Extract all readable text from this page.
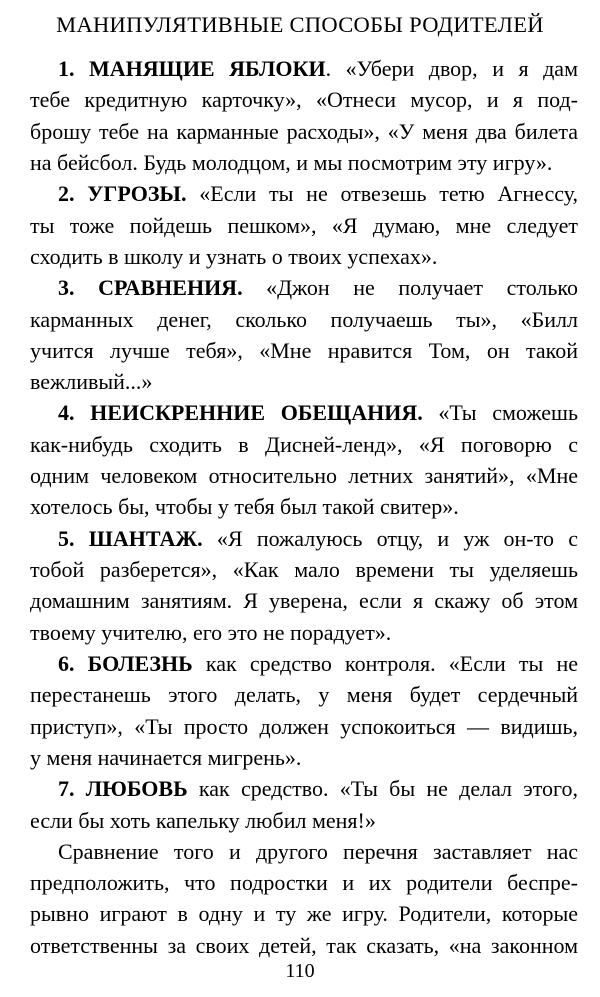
МАНИПУЛЯТИВНЫЕ СПОСОБЫ РОДИТЕЛЕЙ
1. МАНЯЩИЕ ЯБЛОКИ. «Убери двор, и я дам
тебе кредитную карточку», «Отнеси мусор, и я под-
брошу тебе на карманные расходы», «У меня два билета
на бейсбол. Будь молодцом, и мы посмотрим эту игру».
2. УГРОЗЫ. «Если ты не отвезешь тетю Агнессу,
ты тоже пойдешь пешком», «Я думаю, мне следует
сходить в школу и узнать о твоих успехах».
3. СРАВНЕНИЯ. «Джон не получает столько
карманных денег, сколько получаешь ты», «Билл
учится лучше тебя», «Мне нравится Том, он такой
вежливый...»
4. НЕИСКРЕННИЕ ОБЕЩАНИЯ. «Ты сможешь
как-нибудь сходить в Дисней-ленд», «Я поговорю с
одним человеком относительно летних занятий», «Мне
хотелось бы, чтобы у тебя был такой свитер».
5. ШАНТАЖ. «Я пожалуюсь отцу, и уж он-то с
тобой разберется», «Как мало времени ты уделяешь
домашним занятиям. Я уверена, если я скажу об этом
твоему учителю, его это не порадует».
6. БОЛЕЗНЬ как средство контроля. «Если ты не
перестанешь этого делать, у меня будет сердечный
приступ», «Ты просто должен успокоиться — видишь,
у меня начинается мигрень».
7. ЛЮБОВЬ как средство. «Ты бы не делал этого,
если бы хоть капельку любил меня!»
Сравнение того и другого перечня заставляет нас
предположить, что подростки и их родители беспре-
рывно играют в одну и ту же игру. Родители, которые
ответственны за своих детей, так сказать, «на законном
110
